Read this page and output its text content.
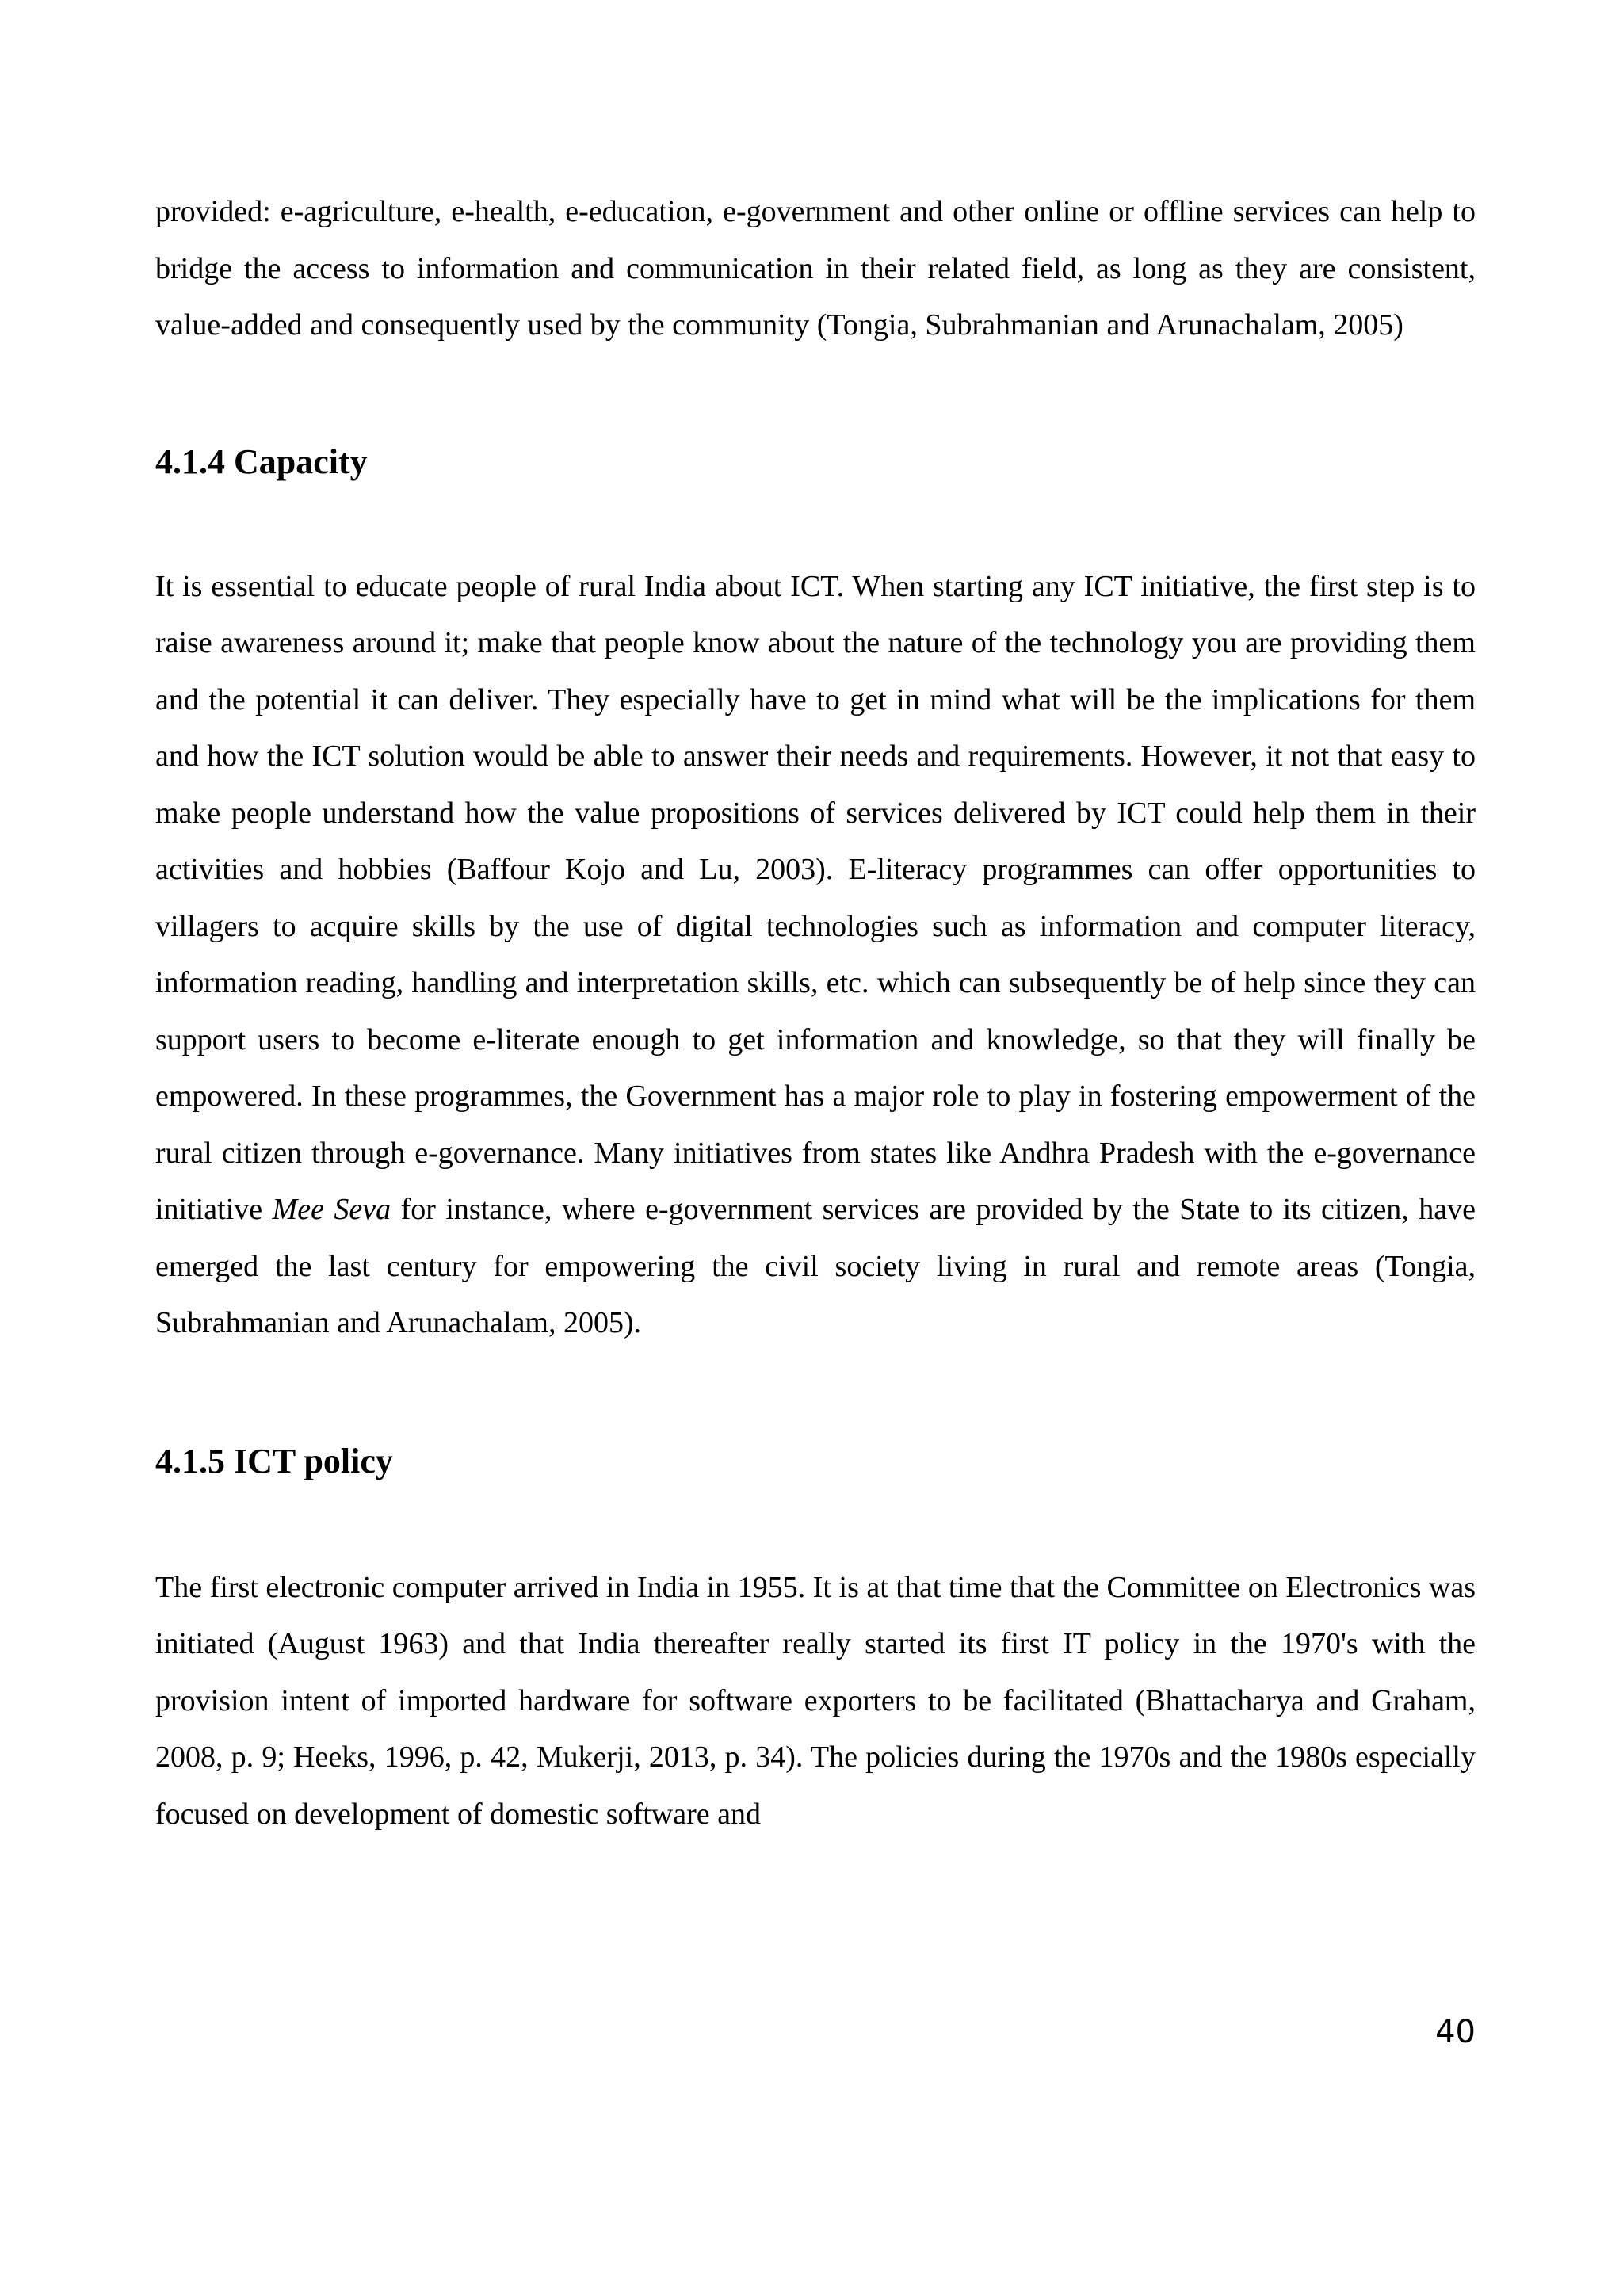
provided: e-agriculture, e-health, e-education, e-government and other online or offline services can help to bridge the access to information and communication in their related field, as long as they are consistent, value-added and consequently used by the community (Tongia, Subrahmanian and Arunachalam, 2005)

4.1.4 Capacity

It is essential to educate people of rural India about ICT. When starting any ICT initiative, the first step is to raise awareness around it; make that people know about the nature of the technology you are providing them and the potential it can deliver. They especially have to get in mind what will be the implications for them and how the ICT solution would be able to answer their needs and requirements. However, it not that easy to make people understand how the value propositions of services delivered by ICT could help them in their activities and hobbies (Baffour Kojo and Lu, 2003). E-literacy programmes can offer opportunities to villagers to acquire skills by the use of digital technologies such as information and computer literacy, information reading, handling and interpretation skills, etc. which can subsequently be of help since they can support users to become e-literate enough to get information and knowledge, so that they will finally be empowered. In these programmes, the Government has a major role to play in fostering empowerment of the rural citizen through e-governance. Many initiatives from states like Andhra Pradesh with the e-governance initiative Mee Seva for instance, where e-government services are provided by the State to its citizen, have emerged the last century for empowering the civil society living in rural and remote areas (Tongia, Subrahmanian and Arunachalam, 2005).

4.1.5 ICT policy

The first electronic computer arrived in India in 1955. It is at that time that the Committee on Electronics was initiated (August 1963) and that India thereafter really started its first IT policy in the 1970's with the provision intent of imported hardware for software exporters to be facilitated (Bhattacharya and Graham, 2008, p. 9; Heeks, 1996, p. 42, Mukerji, 2013, p. 34). The policies during the 1970s and the 1980s especially focused on development of domestic software and

40
